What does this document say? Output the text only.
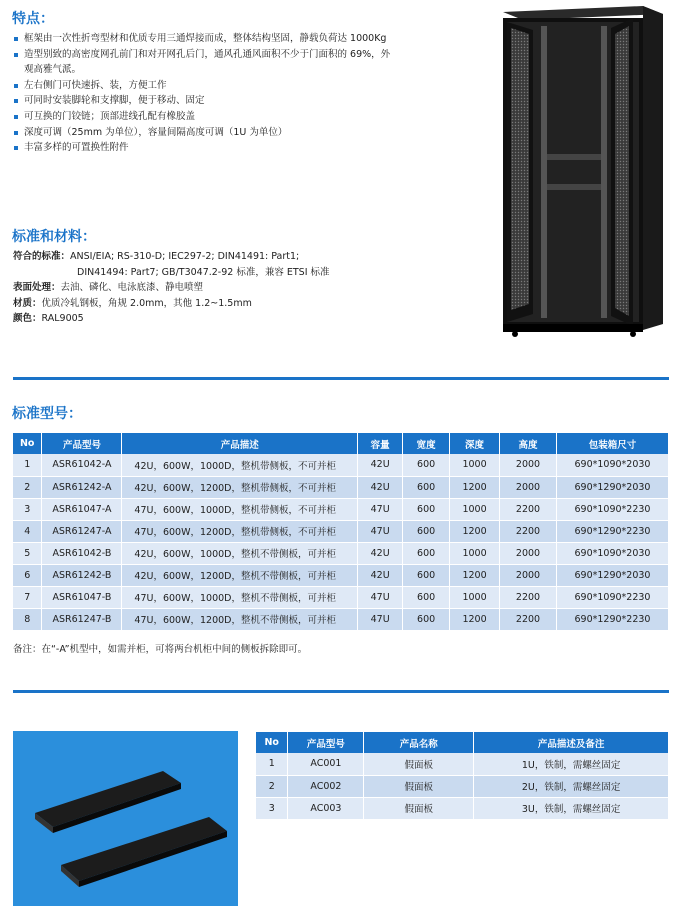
特点：
框架由一次性折弯型材和优质专用三通焊接而成，整体结构坚固，静载负荷达 1000Kg
造型别致的高密度网孔前门和对开网孔后门，通风孔通风面积不少于门面积的 69%，外
观高雅气派。
左右侧门可快速拆、装，方便工作
可同时安装脚轮和支撑脚，便于移动、固定
可互换的门铰链；顶部进线孔配有橡胶盖
深度可调（25mm 为单位），容量间隔高度可调（1U 为单位）
丰富多样的可置换性附件
标准和材料：
符合的标准：ANSI/EIA; RS-310-D; IEC297-2; DIN41491: Part1;
DIN41494: Part7; GB/T3047.2-92 标准，兼容 ETSI 标准
表面处理：去油、磷化、电泳底漆、静电喷塑
材质：优质冷轧钢板，角规 2.0mm，其他 1.2~1.5mm
颜色：RAL9005
标准型号：
No	产品型号	产品描述	容量	宽度	深度	高度	包装箱尺寸
1	ASR61042-A	42U，600W，1000D，整机带侧板，不可并柜	42U	600	1000	2000	690*1090*2030
2	ASR61242-A	42U，600W，1200D，整机带侧板，不可并柜	42U	600	1200	2000	690*1290*2030
3	ASR61047-A	47U，600W，1000D，整机带侧板，不可并柜	47U	600	1000	2200	690*1090*2230
4	ASR61247-A	47U，600W，1200D，整机带侧板，不可并柜	47U	600	1200	2200	690*1290*2230
5	ASR61042-B	42U，600W，1000D，整机不带侧板，可并柜	42U	600	1000	2000	690*1090*2030
6	ASR61242-B	42U，600W，1200D，整机不带侧板，可并柜	42U	600	1200	2000	690*1290*2030
7	ASR61047-B	47U，600W，1000D，整机不带侧板，可并柜	47U	600	1000	2200	690*1090*2230
8	ASR61247-B	47U，600W，1200D，整机不带侧板，可并柜	47U	600	1200	2200	690*1290*2230
备注：在“-A”机型中，如需并柜，可将两台机柜中间的侧板拆除即可。
No	产品型号	产品名称	产品描述及备注
1	AC001	假面板	1U，铁制，需螺丝固定
2	AC002	假面板	2U，铁制，需螺丝固定
3	AC003	假面板	3U，铁制，需螺丝固定
